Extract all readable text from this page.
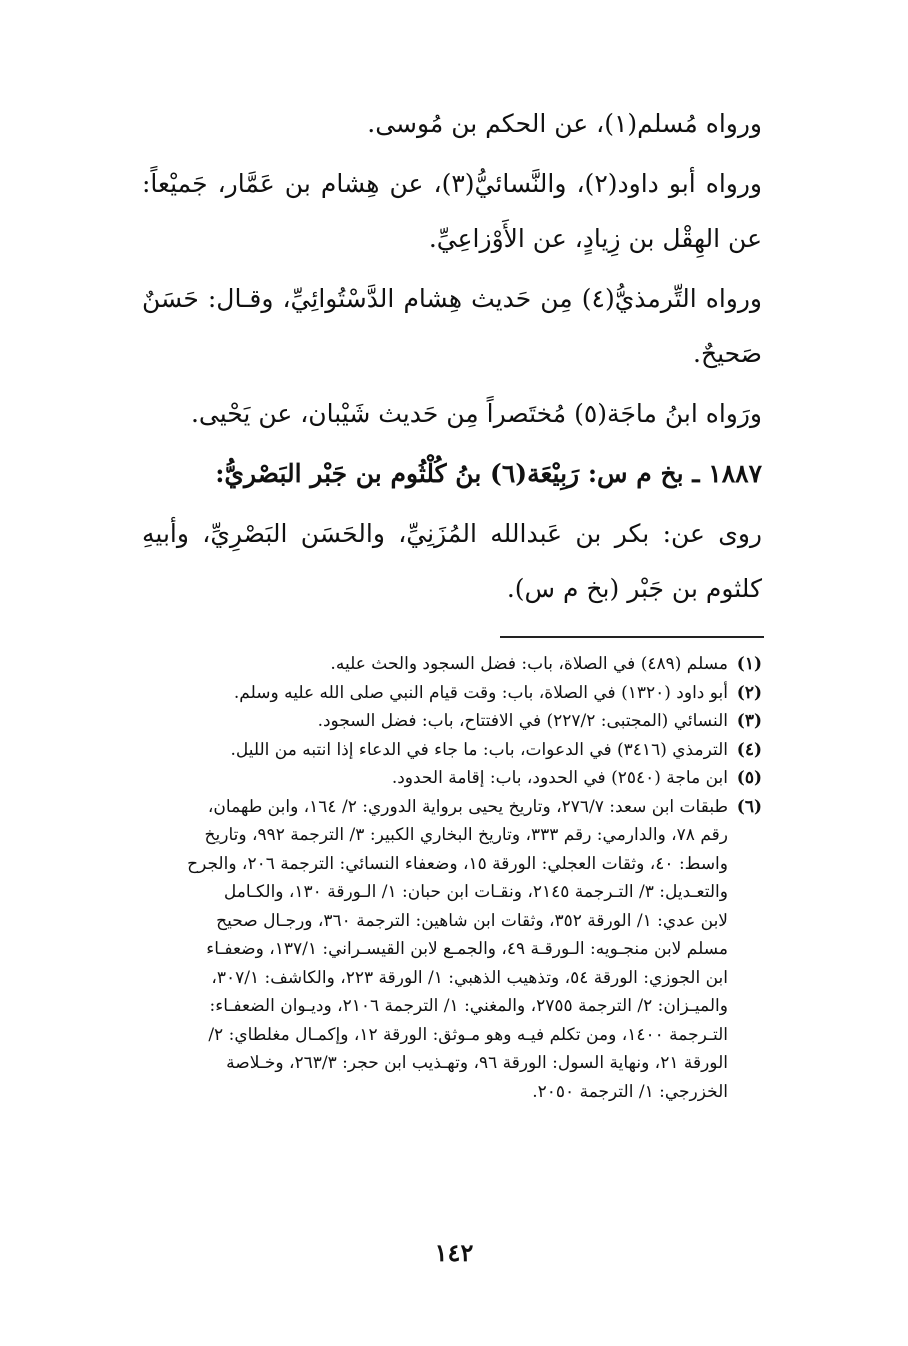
ورواه مُسلم(١)، عن الحكم بن مُوسى.

ورواه أبو داود(٢)، والنَّسائيُّ(٣)، عن هِشام بن عَمَّار، جَميْعاً: عن الهِقْل بن زِيادٍ، عن الأَوْزاعِيِّ.

ورواه التِّرمذيُّ(٤) مِن حَديث هِشام الدَّسْتُوائِيِّ، وقـال: حَسَنٌ صَحيحٌ.

ورَواه ابنُ ماجَة(٥) مُختَصراً مِن حَديث شَيْبان، عن يَحْيى.

١٨٨٧ ـ بخ م س: رَبِيْعَة(٦) بنُ كُلْثُوم بن جَبْر البَصْريُّ:

روى عن: بكر بن عَبدالله المُزَنِيِّ، والحَسَن البَصْرِيِّ، وأبيهِ كلثوم بن جَبْر (بخ م س).

(١)
مسلم (٤٨٩) في الصلاة، باب: فضل السجود والحث عليه.
(٢)
أبو داود (١٣٢٠) في الصلاة، باب: وقت قيام النبي صلى الله عليه وسلم.
(٣)
النسائي (المجتبى: ٢٢٧/٢) في الافتتاح، باب: فضل السجود.
(٤)
الترمذي (٣٤١٦) في الدعوات، باب: ما جاء في الدعاء إذا انتبه من الليل.
(٥)
ابن ماجة (٢٥٤٠) في الحدود، باب: إقامة الحدود.
(٦)
طبقات ابن سعد: ٢٧٦/٧، وتاريخ يحيى برواية الدوري: ٢/ ١٦٤، وابن طهمان،
رقم ٧٨، والدارمي: رقم ٣٣٣، وتاريخ البخاري الكبير: ٣/ الترجمة ٩٩٢، وتاريخ
واسط: ٤٠، وثقات العجلي: الورقة ١٥، وضعفاء النسائي: الترجمة ٢٠٦، والجرح
والتعـديل: ٣/ التـرجمة ٢١٤٥، ونقـات ابن حبان: ١/ الـورقة ١٣٠، والكـامل
لابن عدي: ١/ الورقة ٣٥٢، وثقات ابن شاهين: الترجمة ٣٦٠، ورجـال صحيح
مسلم لابن منجـويه: الـورقـة ٤٩، والجمـع لابن القيسـراني: ١٣٧/١، وضعفـاء
ابن الجوزي: الورقة ٥٤، وتذهيب الذهبي: ١/ الورقة ٢٢٣، والكاشف: ٣٠٧/١،
والميـزان: ٢/ الترجمة ٢٧٥٥، والمغني: ١/ الترجمة ٢١٠٦، وديـوان الضعفـاء:
التـرجمة ١٤٠٠، ومن تكلم فيـه وهو مـوثق: الورقة ١٢، وإكمـال مغلطاي: ٢/
الورقة ٢١، ونهاية السول: الورقة ٩٦، وتهـذيب ابن حجر: ٢٦٣/٣، وخـلاصة
الخزرجي: ١/ الترجمة ٢٠٥٠.
١٤٢
